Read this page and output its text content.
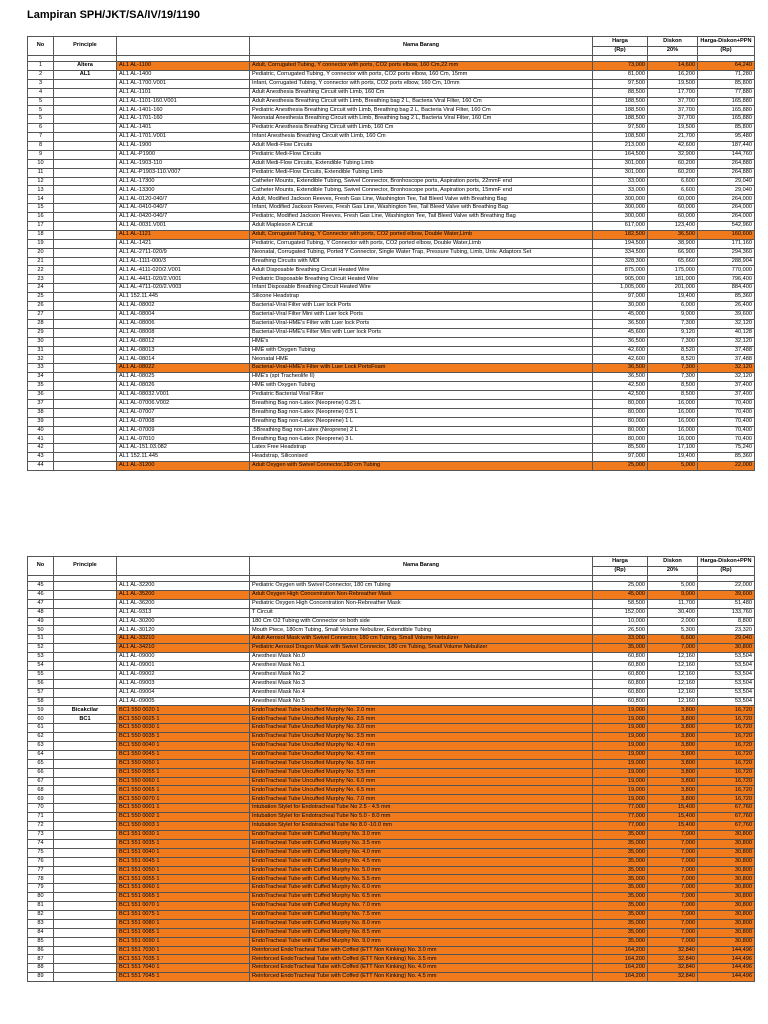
Lampiran SPH/JKT/SA/IV/19/1190
No	Principle			Nama Barang	Harga	Diskon	Harga-Diskon+PPN
				(Rp)	20%	(Rp)

1	Altera	AL1 AL-1100		Adult, Corrugated Tubing, Y connector with ports, CO2 ports elbow, 160 Cm,22 mm	73,000	14,600	64,240
2	AL1	AL1 AL-1400		Pediatric, Corrugated Tubing, Y connector with ports, CO2 ports elbow, 160 Cm, 15mm	81,000	16,200	71,280
3		AL1 AL-1700.V001		Infant, Corrugated Tubing, Y connector with ports, CO2 ports elbow, 160 Cm, 10mm	97,500	19,500	85,800
4		AL1 AL-1101		Adult Anesthesia Breathing Circuit with Limb, 160 Cm	88,500	17,700	77,880
5		AL1 AL-1101-160.V001		Adult Anesthesia Breathing Circuit with Limb, Breathing bag 2 L, Bacteria Viral Filter, 160 Cm	188,500	37,700	165,880
5		AL1 AL-1401-160		Pediatric Anesthesia Breathing Circuit with Limb, Breathing bag 2 L, Bacteria Viral Filter, 160 Cm	188,500	37,700	165,880
5		AL1 AL-1701-160		Neonatal Anesthesia Breathing Circuit with Limb, Breathing bag 2 L, Bacteria Viral Filter, 160 Cm	188,500	37,700	165,880
6		AL1 AL-1401		Pediatric Anesthesia Breathing Circuit with Limb, 160 Cm	97,500	19,500	85,800
7		AL1 AL-1701.V001		Infant Anesthesia Breathing Circuit with Limb, 160 Cm	108,500	21,700	95,480
8		AL1 AL-1900		Adult Medi-Flow Circuits	213,000	42,600	187,440
9		AL1 AL-P1900		Pediatric Medi-Flow Circuits	164,500	32,900	144,760
10		AL1 AL-1903-110		Adult Medi-Flow Circuits, Extendible Tubing Limb	301,000	60,200	264,880
11		AL1 AL-P1903-110.V007		Pediatric Medi-Flow Circuits, Extendible Tubing Limb	301,000	60,200	264,880
12		AL1 AL-17300		Catheter Mounts, Extendible Tubing, Swivel Connector, Bronhoscope ports, Aspiration ports, 22mmF end	33,000	6,600	29,040
13		AL1 AL-13300		Catheter Mounts, Extendible Tubing, Swivel Connector, Bronhoscope ports, Aspiration ports, 15mmF end	33,000	6,600	29,040
14		AL1 AL-0120-040/7		Adult, Modified Jackson Reeves, Fresh Gas Line, Washington Tee, Tail Bleed Valve with Breathing Bag	300,000	60,000	264,000
15		AL1 AL-0410-040/7		Infant, Modified Jackson Reeves, Fresh Gas Line, Washington Tee, Tail Bleed Valve with Breathing Bag	300,000	60,000	264,000
16		AL1 AL-0420-040/7		Pediatric, Modified Jackson Reeves, Fresh Gas Line, Washington Tee, Tail Bleed Valve with Breathing Bag	300,000	60,000	264,000
17		AL1 AL-0031.V001		Adult Mapleson A Circuit	617,000	123,400	542,960
18		AL1 AL-1121		Adult, Corrugated Tubing, Y Connector with ports, CO2 ported elbow, Double Water,Limb	182,500	36,500	160,600
19		AL1 AL-1421		Pediatric, Corrugated Tubing, Y Connector with ports, CO2 ported elbow, Double Water,Limb	194,500	38,900	171,160
20		AL1 AL-2711-020/9		Neonatal, Corrugated Tubing, Ported Y Connector, Single Water Trap, Pressure Tubing, Limb, Univ. Adaptors Set	334,500	66,900	294,360
21		AL1 AL-1111-000/3		Breathing Circuits with MDI	328,300	65,660	288,904
22		AL1 AL-4111-020/2.V001		Adult Disposable Breathing Circuit Heated Wire	875,000	175,000	770,000
23		AL1 AL-4411-020/2.V001		Pediatric Disposable Breathing Circuit Heated Wire	905,000	181,000	796,400
24		AL1 AL-4711-020/2.V003		Infant Disposable Breathing Circuit Heated Wire	1,005,000	201,000	884,400
25		AL1 152.11.445		Silicone Headstrap	97,000	19,400	85,360
26		AL1 AL-08002		Bacterial-Viral Filter with Luer lock Ports	30,000	6,000	26,400
27		AL1 AL-08004		Bacterial-Viral Filter Mini with Luer lock Ports	45,000	9,000	39,600
28		AL1 AL-08006		Bacterial-Viral-HME's Filter with Luer lock Ports	36,500	7,300	32,120
29		AL1 AL-08008		Bacterial-Viral-HME's Filter Mini with Luer lock Ports	45,600	9,120	40,128
30		AL1 AL-08012		HME's	36,500	7,300	32,120
31		AL1 AL-08013		HME with Oxygen Tubing	42,600	8,520	37,488
32		AL1 AL-08014		Neonatal HME	42,600	8,520	37,488
33		AL1 AL-08022		Bacterial-Viral-HME's Filter with Luer Lock PortsFoam	36,500	7,300	32,120
34		AL1 AL-08025		HME's (spt Tracheolife II)	36,500	7,300	32,120
35		AL1 AL-08026		HME with Oxygen Tubing	42,500	8,500	37,400
36		AL1 AL-08032.V001		Pediatric Bacterial Viral Filter	42,500	8,500	37,400
37		AL1 AL-07006.V002		Breathing Bag non-Latex (Neoprene) 0.25 L	80,000	16,000	70,400
38		AL1 AL-07007		Breathing Bag non-Latex (Neoprene) 0.5 L	80,000	16,000	70,400
39		AL1 AL-07008		Breathing Bag non-Latex (Neoprene) 1 L	80,000	16,000	70,400
40		AL1 AL-07009		.5Breathing Bag non-Latex (Neoprene) 2 L	80,000	16,000	70,400
41		AL1 AL-07010		Breathing Bag non-Latex (Neoprene) 3 L	80,000	16,000	70,400
42		AL1 AL-151.03.082		Latex Free Headstrap	85,500	17,100	75,240
43		AL1 152.11.445		Headstrap, Siliconised	97,000	19,400	85,360
44		AL1 AL-31200		Adult Oxygen with Swivel Connector,180 cm Tubing	25,000	5,000	22,000
No	Principle			Nama Barang	Harga	Diskon	Harga-Diskon+PPN
				(Rp)	20%	(Rp)

45		AL1 AL-32200		Pediatric Oxygen with Swivel Connector, 180 cm Tubing	25,000	5,000	22,000
46		AL1 AL-35200		Adult Oxygen High Concentration Non-Rebreather Mask	45,000	9,000	39,600
47		AL1 AL-36200		Pediatric Oxygen High Concentration Non-Rebreather Mask	58,500	11,700	51,480
48		AL1 AL-9313		T Circuit	152,000	30,400	133,760
49		AL1 AL-30200		180 Cm O2 Tubing with Connector on both side	10,000	2,000	8,800
50		AL1 AL-30120		Mouth Piece, 180cm Tubing, Small Volume Nebulizer, Extendible Tubing	26,500	5,300	23,320
51		AL1 AL-33210		Adult Aerosol Mask with Swivel Connector, 180 cm Tubing, Small Volume Nebulizer	33,000	6,600	29,040
52		AL1 AL-34210		Pediatric Aerosol Dragon Mask with Swivel Connector, 180 cm Tubing, Small Volume Nebulizer	35,000	7,000	30,800
53		AL1 AL-09000		Anesthesi Mask No.0	60,800	12,160	53,504
54		AL1 AL-09001		Anesthesi Mask No.1	60,800	12,160	53,504
55		AL1 AL-09002		Anesthesi Mask No.2	60,800	12,160	53,504
56		AL1 AL-09003		Anesthesi Mask No.3	60,800	12,160	53,504
57		AL1 AL-09004		Anesthesi Mask No.4	60,800	12,160	53,504
58		AL1 AL-09005		Anesthesi Mask No.5	60,800	12,160	53,504
59	Bicakcilar	BC1 550 0020 1		EndoTracheal Tube Uncuffed Murphy No. 2.0 mm	19,000	3,800	16,720
60	BC1	BC1 550 0025 1		EndoTracheal Tube Uncuffed Murphy No. 2.5 mm	19,000	3,800	16,720
61		BC1 550 0030 1		EndoTracheal Tube Uncuffed Murphy No. 3.0 mm	19,000	3,800	16,720
62		BC1 550 0035 1		EndoTracheal Tube Uncuffed Murphy No. 3.5 mm	19,000	3,800	16,720
63		BC1 550 0040 1		EndoTracheal Tube Uncuffed Murphy No. 4.0 mm	19,000	3,800	16,720
64		BC1 550 0045 1		EndoTracheal Tube Uncuffed Murphy No. 4.5 mm	19,000	3,800	16,720
65		BC1 550 0050 1		EndoTracheal Tube Uncuffed Murphy No. 5.0 mm	19,000	3,800	16,720
66		BC1 550 0055 1		EndoTracheal Tube Uncuffed Murphy No. 5.5 mm	19,000	3,800	16,720
67		BC1 550 0060 1		EndoTracheal Tube Uncuffed Murphy No. 6.0 mm	19,000	3,800	16,720
68		BC1 550 0065 1		EndoTracheal Tube Uncuffed Murphy No. 6.5 mm	19,000	3,800	16,720
69		BC1 550 0070 1		EndoTracheal Tube Uncuffed Murphy No. 7.0 mm	19,000	3,800	16,720
70		BC1 550 0001 1		Intubation Stylet for Endotracheal Tube No 2.5 - 4.5 mm	77,000	15,400	67,760
71		BC1 550 0002 1		Intubation Stylet for Endotracheal Tube No 5.0 - 8.0 mm	77,000	15,400	67,760
72		BC1 550 0003 1		Intubation Stylet for Endotracheal Tube No 8.0 -10.0 mm	77,000	15,400	67,760
73		BC1 551 0030 1		EndoTracheal Tube with Cuffed Murphy No. 3.0 mm	35,000	7,000	30,800
74		BC1 551 0035 1		EndoTracheal Tube with Cuffed Murphy No. 3.5 mm	35,000	7,000	30,800
75		BC1 551 0040 1		EndoTracheal Tube with Cuffed Murphy No. 4.0 mm	35,000	7,000	30,800
76		BC1 551 0045 1		EndoTracheal Tube with Cuffed Murphy No. 4.5 mm	35,000	7,000	30,800
77		BC1 551 0050 1		EndoTracheal Tube with Cuffed Murphy No. 5.0 mm	35,000	7,000	30,800
78		BC1 551 0055 1		EndoTracheal Tube with Cuffed Murphy No. 5.5 mm	35,000	7,000	30,800
79		BC1 551 0060 1		EndoTracheal Tube with Cuffed Murphy No. 6.0 mm	35,000	7,000	30,800
80		BC1 551 0065 1		EndoTracheal Tube with Cuffed Murphy No. 6.5 mm	35,000	7,000	30,800
81		BC1 551 0070 1		EndoTracheal Tube with Cuffed Murphy No. 7.0 mm	35,000	7,000	30,800
82		BC1 551 0075 1		EndoTracheal Tube with Cuffed Murphy No. 7.5 mm	35,000	7,000	30,800
83		BC1 551 0080 1		EndoTracheal Tube with Cuffed Murphy No. 8.0 mm	35,000	7,000	30,800
84		BC1 551 0085 1		EndoTracheal Tube with Cuffed Murphy No. 8.5 mm	35,000	7,000	30,800
85		BC1 551 0090 1		EndoTracheal Tube with Cuffed Murphy No. 9.0 mm	35,000	7,000	30,800
86		BC1 551 7030 1		Reinforced EndoTracheal Tube with Coffed (ETT Non Kinking) No. 3.0 mm	164,200	32,840	144,496
87		BC1 551 7035 1		Reinforced EndoTracheal Tube with Coffed (ETT Non Kinking) No. 3.5 mm	164,200	32,840	144,496
88		BC1 551 7040 1		Reinforced EndoTracheal Tube with Coffed (ETT Non Kinking) No. 4.0 mm	164,200	32,840	144,496
89		BC1 551 7045 1		Reinforced EndoTracheal Tube with Coffed (ETT Non Kinking) No. 4.5 mm	164,200	32,840	144,496
